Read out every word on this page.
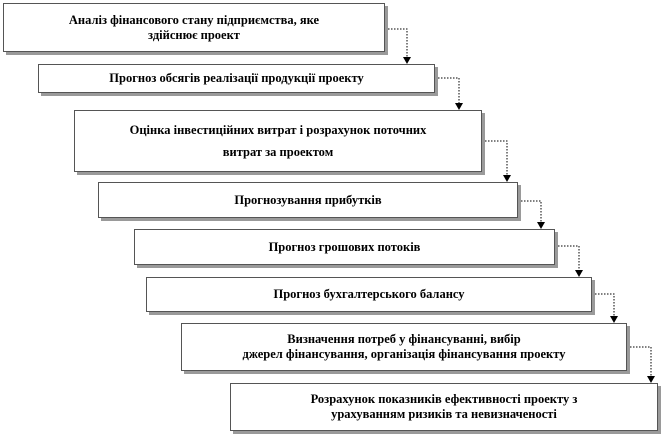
Аналіз фінансового стану підприємства, яке
здійснює проект
Прогноз обсягів реалізації продукції проекту
Оцінка інвестиційних витрат і розрахунок поточних
витрат за проектом
Прогнозування прибутків
Прогноз грошових потоків
Прогноз бухгалтерського балансу
Визначення потреб у фінансуванні, вибір
джерел фінансування, організація фінансування проекту
Розрахунок показників ефективності проекту з
урахуванням ризиків та невизначеності
